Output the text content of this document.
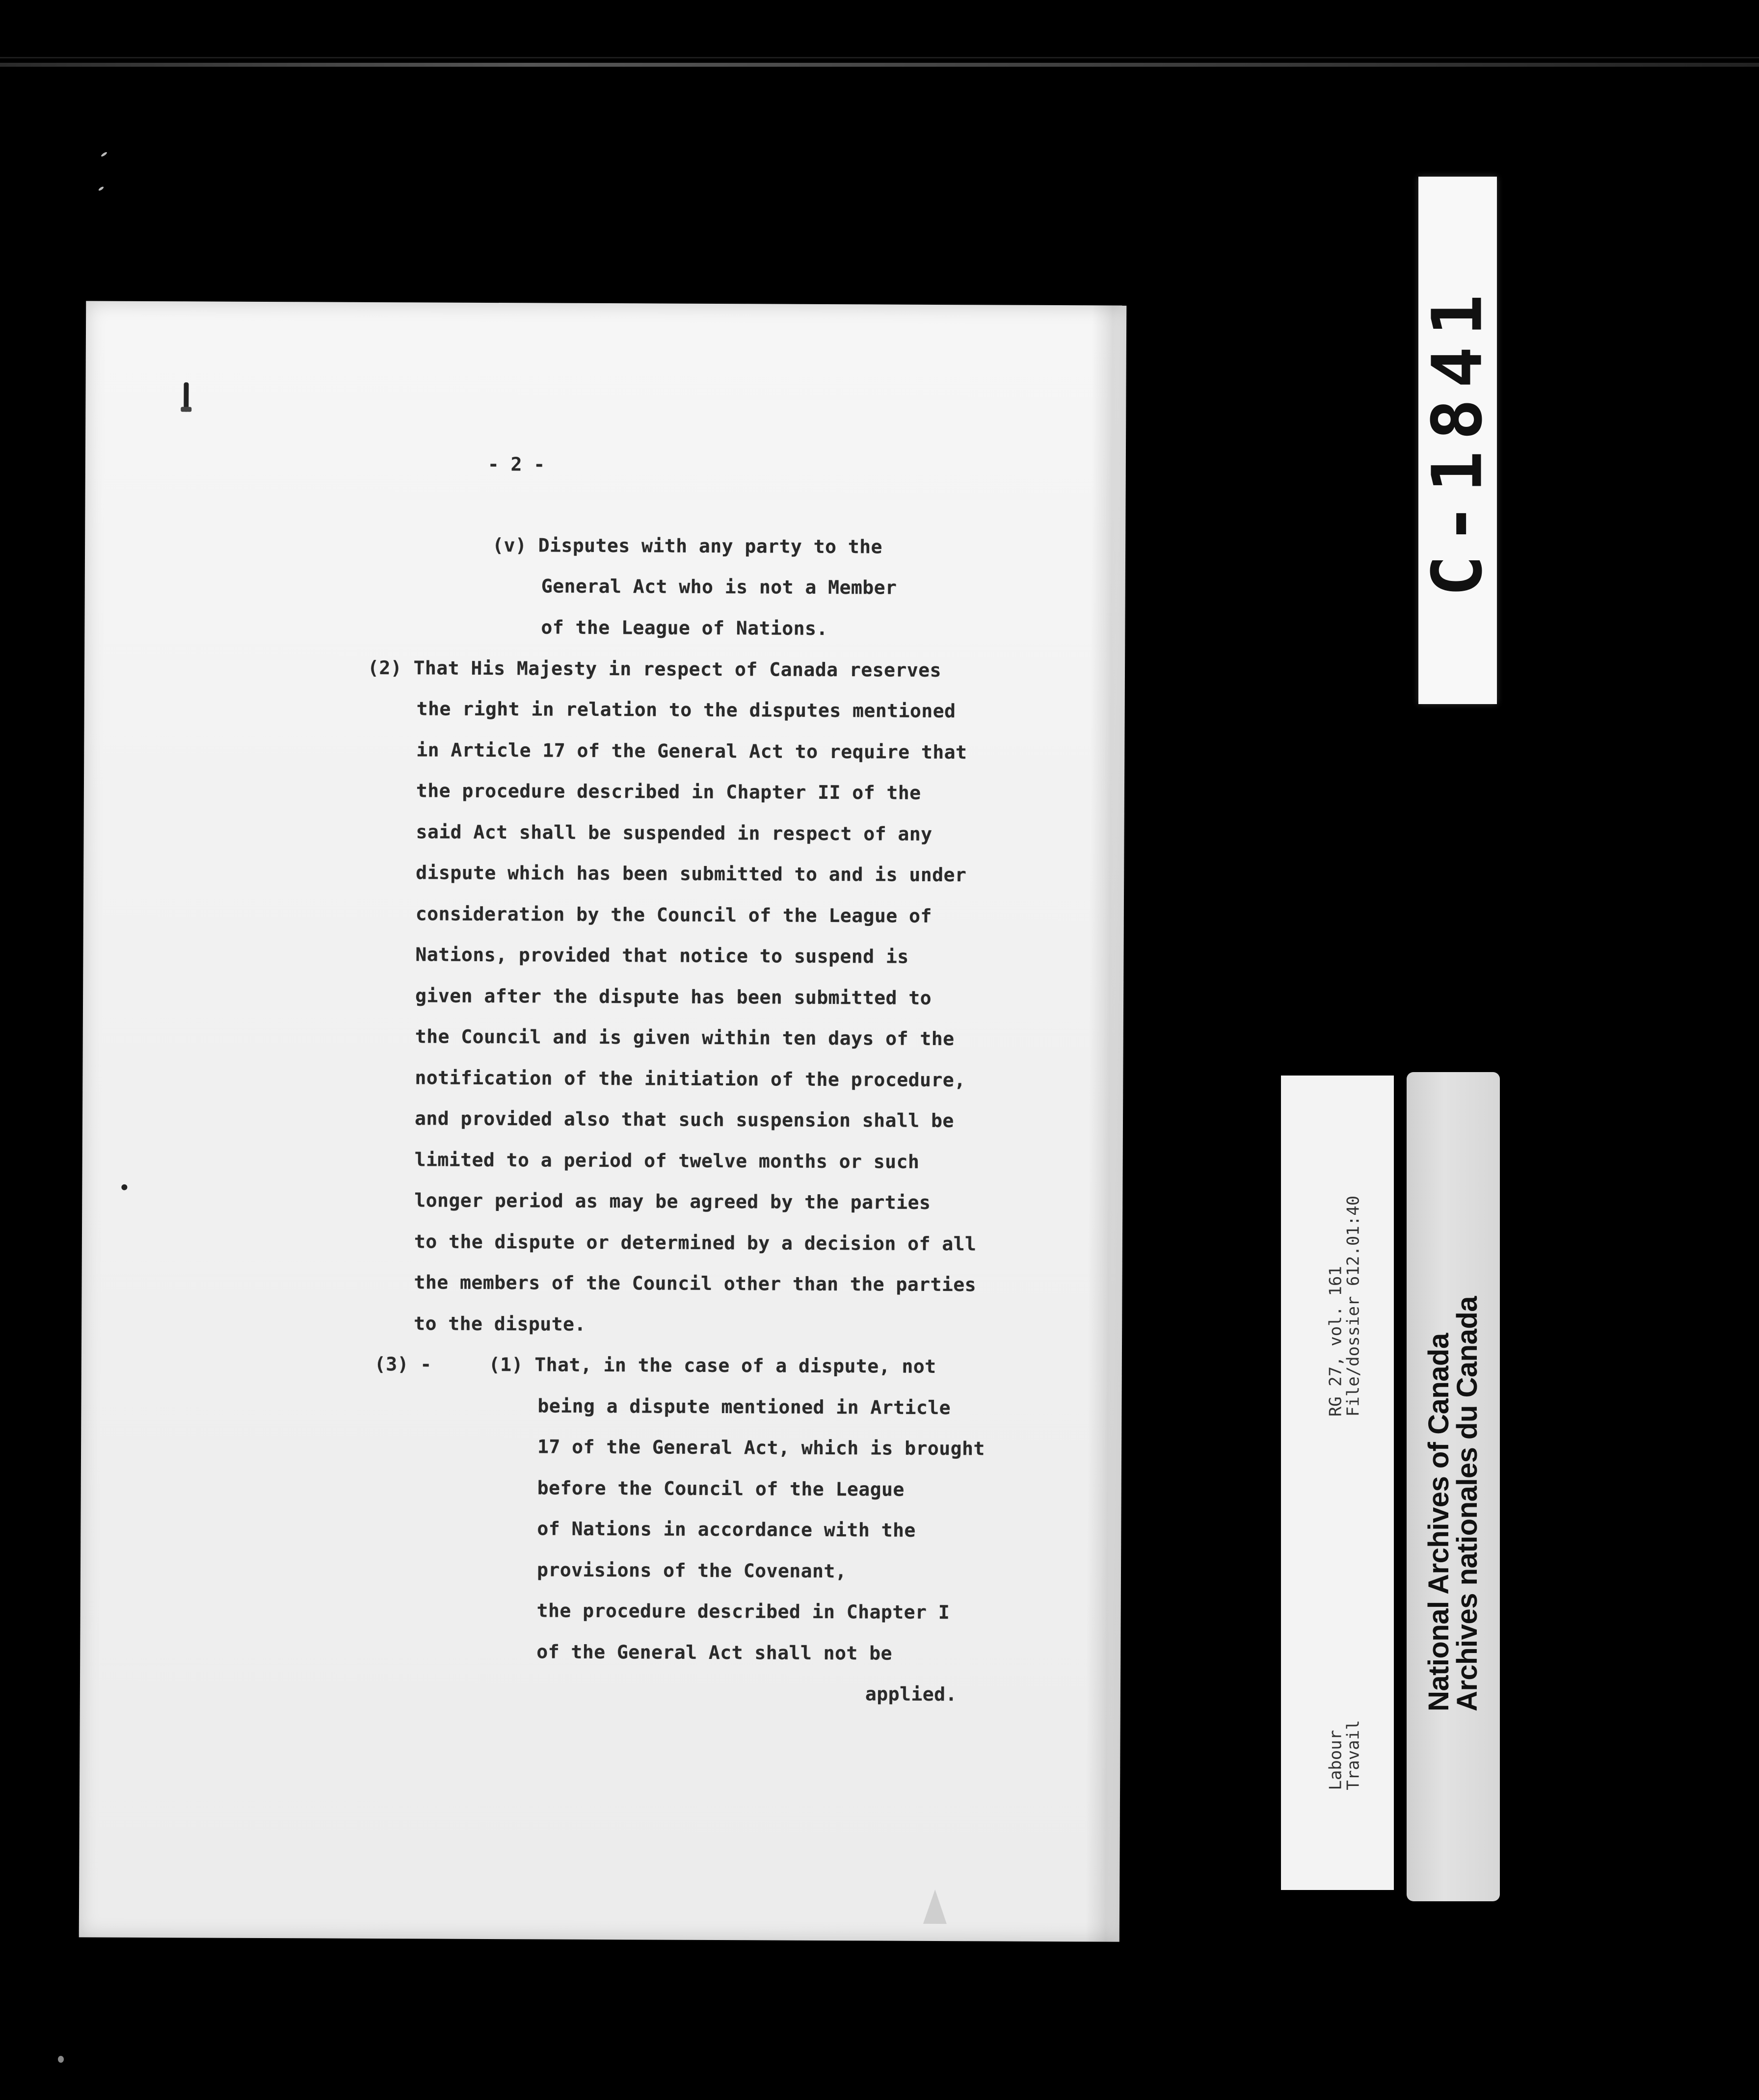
- 2 -
(v) Disputes with any party to the
General Act who is not a Member
of the League of Nations.
(2) That His Majesty in respect of Canada reserves
the right in relation to the disputes mentioned
in Article 17 of the General Act to require that
the procedure described in Chapter II of the
said Act shall be suspended in respect of any
dispute which has been submitted to and is under
consideration by the Council of the League of
Nations, provided that notice to suspend is
given after the dispute has been submitted to
the Council and is given within ten days of the
notification of the initiation of the procedure,
and provided also that such suspension shall be
limited to a period of twelve months or such
longer period as may be agreed by the parties
to the dispute or determined by a decision of all
the members of the Council other than the parties
to the dispute.
(3) -	(1) That, in the case of a dispute, not
being a dispute mentioned in Article
17 of the General Act, which is brought
before the Council of the League
of Nations in accordance with the
provisions of the Covenant,
the procedure described in Chapter I
of the General Act shall not be
applied.
C-1841
RG 27, vol. 161
File/dossier 612.01:40
Labour
Travail
National Archives of Canada
Archives nationales du Canada
